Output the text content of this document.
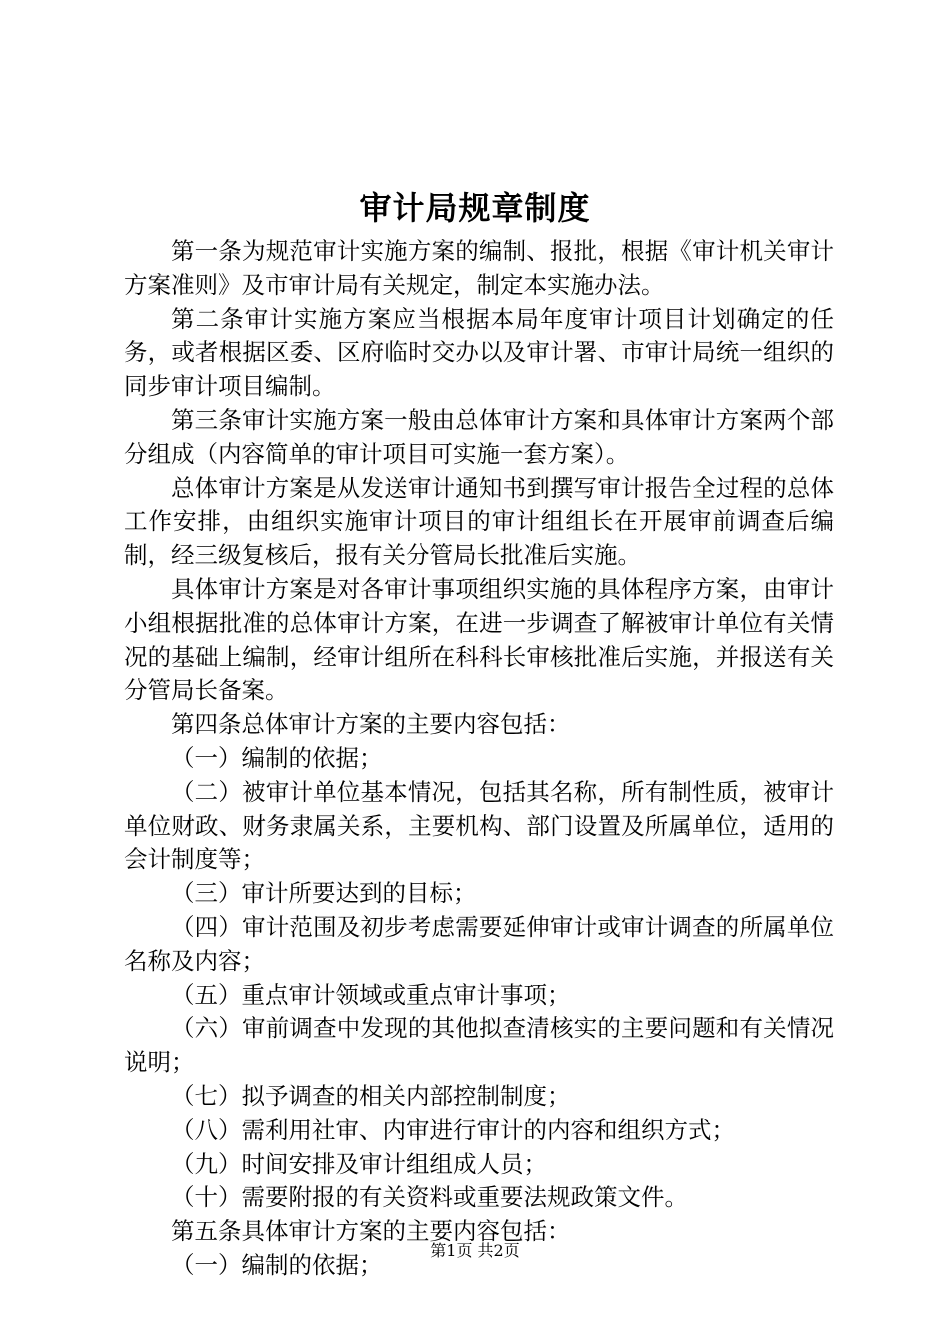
审计局规章制度

第一条为规范审计实施方案的编制、报批，根据《审计机关审计方案准则》及市审计局有关规定，制定本实施办法。

第二条审计实施方案应当根据本局年度审计项目计划确定的任务，或者根据区委、区府临时交办以及审计署、市审计局统一组织的同步审计项目编制。

第三条审计实施方案一般由总体审计方案和具体审计方案两个部分组成（内容简单的审计项目可实施一套方案）。

总体审计方案是从发送审计通知书到撰写审计报告全过程的总体工作安排，由组织实施审计项目的审计组组长在开展审前调查后编制，经三级复核后，报有关分管局长批准后实施。

具体审计方案是对各审计事项组织实施的具体程序方案，由审计小组根据批准的总体审计方案，在进一步调查了解被审计单位有关情况的基础上编制，经审计组所在科科长审核批准后实施，并报送有关分管局长备案。

第四条总体审计方案的主要内容包括：

（一）编制的依据；

（二）被审计单位基本情况，包括其名称，所有制性质，被审计单位财政、财务隶属关系，主要机构、部门设置及所属单位，适用的会计制度等；

（三）审计所要达到的目标；

（四）审计范围及初步考虑需要延伸审计或审计调查的所属单位名称及内容；

（五）重点审计领域或重点审计事项；

（六）审前调查中发现的其他拟查清核实的主要问题和有关情况说明；

（七）拟予调查的相关内部控制制度；

（八）需利用社审、内审进行审计的内容和组织方式；

（九）时间安排及审计组组成人员；

（十）需要附报的有关资料或重要法规政策文件。

第五条具体审计方案的主要内容包括：

（一）编制的依据；

第1页 共2页
